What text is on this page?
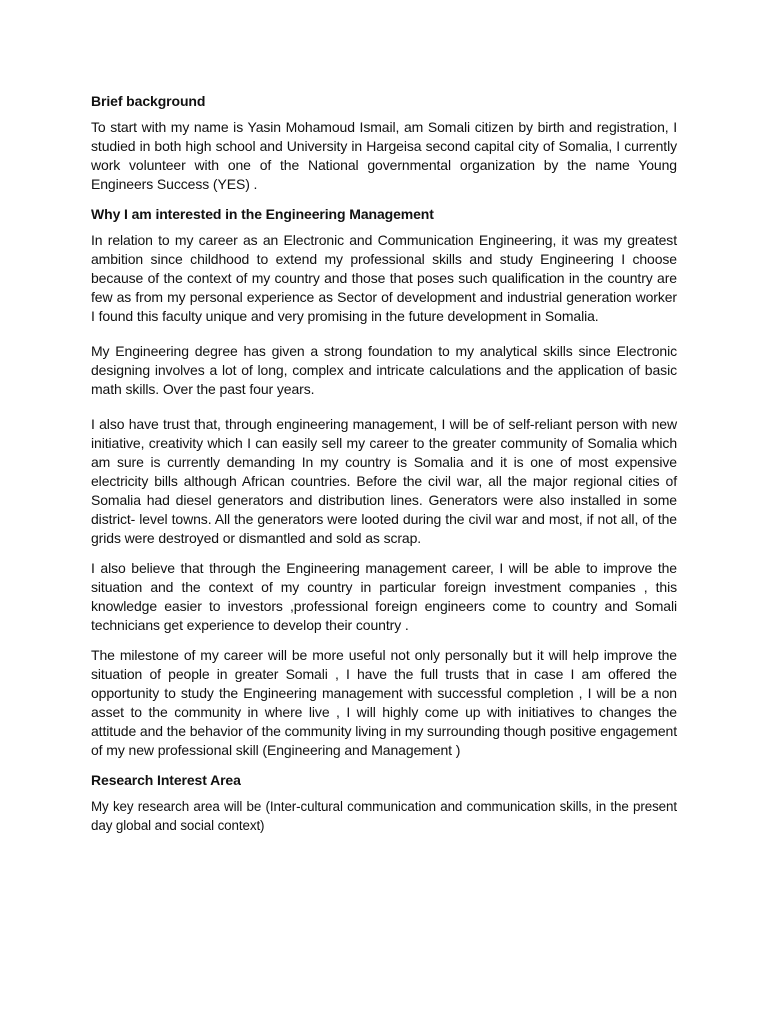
Brief background
To start with my name is Yasin Mohamoud Ismail, am Somali citizen by birth and registration, I studied in both high school and University in Hargeisa second capital city of Somalia, I currently work volunteer with one of the National governmental organization by the name Young Engineers Success (YES) .
Why I am interested in the Engineering Management
In relation to my career as an Electronic and Communication Engineering, it was my greatest ambition since childhood to extend my professional skills and study Engineering I choose because of the context of my country and those that poses such qualification in the country are few as from my personal experience as Sector of development and industrial generation worker I found this faculty unique and very promising in the future development in Somalia.
My Engineering degree has given a strong foundation to my analytical skills since Electronic designing involves a lot of long, complex and intricate calculations and the application of basic math skills. Over the past four years.
I also have trust that, through engineering management, I will be of self-reliant person with new initiative, creativity which I can easily sell my career to the greater community of Somalia which am sure is currently demanding In my country is Somalia and it is one of most expensive electricity bills although African countries. Before the civil war, all the major regional cities of Somalia had diesel generators and distribution lines. Generators were also installed in some district- level towns. All the generators were looted during the civil war and most, if not all, of the grids were destroyed or dismantled and sold as scrap.
I also believe that through the Engineering management career, I will be able to improve the situation and the context of my country in particular foreign investment companies , this knowledge easier to investors ,professional foreign engineers come to country and Somali technicians get experience to develop their country .
The milestone of my career will be more useful not only personally but it will help improve the situation of people in greater Somali , I have the full trusts that in case I am offered the opportunity to study the Engineering management with successful completion , I will be a non asset to the community in where live , I will highly come up with initiatives to changes the attitude and the behavior of the community living in my surrounding though positive engagement of my new professional skill (Engineering and Management )
Research Interest Area
My key research area will be (Inter-cultural communication and communication skills, in the present day global and social context)
